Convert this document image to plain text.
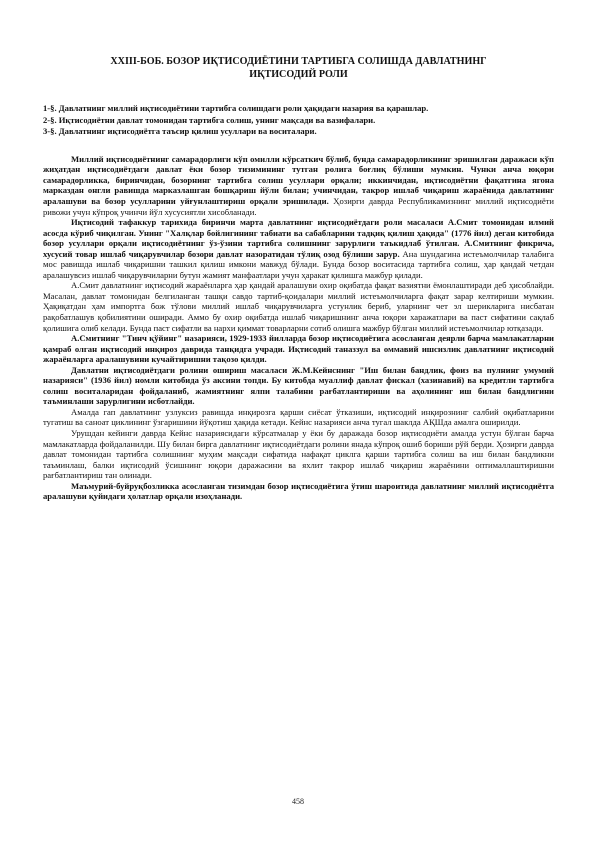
XXIII-БОБ. БОЗОР ИҚТИСОДИЁТИНИ ТАРТИБГА СОЛИШДА ДАВЛАТНИНГ
ИҚТИСОДИЙ РОЛИ
1-§. Давлатнинг миллий иқтисодиётини тартибга солишдаги роли ҳақидаги назария ва қарашлар.
2-§. Иқтисодиётни давлат томонидан тартибга солиш, унинг мақсади ва вазифалари.
3-§. Давлатнинг иқтисодиётга таъсир қилиш усуллари ва воситалари.

Миллий иқтисодиётнинг самарадорлиги кўп омилли кўрсаткич бўлиб, бунда самарадорликнинг эришилган даражаси кўп жиҳатдан иқтисодиётдаги давлат ёки бозор тизимининг тутган ролига боғлиқ бўлиши мумкин. Чунки анча юқори самарадорликка, биринчидан, бозорнинг тартибга солиш усуллари орқали; иккинчидан, иқтисодиётни фақатгина ягона марказдан онгли равишда марказлашган бошқариш йўли билан; учинчидан, такрор ишлаб чиқариш жараёнида давлатнинг аралашуви ва бозор усулларини уйғунлаштириш орқали эришилади. Ҳозирги даврда Республикамизнинг миллий иқтисодиёти ривожи учун кўпроқ учинчи йўл хусусиятли хисобланади.

Иқтисодий тафаккур тарихида биринчи марта давлатнинг иқтисодиётдаги роли масаласи А.Смит томонидан илмий асосда кўриб чиқилган. Унинг "Халқлар бойлигининг табиати ва сабабларини тадқиқ қилиш ҳақида" (1776 йил) деган китобида бозор усуллари орқали иқтисодиётнинг ўз-ўзини тартибга солишнинг зарурлиги таъкидлаб ўтилган. А.Смитнинг фикрича, хусусий товар ишлаб чиқарувчилар бозори давлат назоратидан тўлиқ озод бўлиши зарур. Ана шундагина истеъмолчилар талабига мос равишда ишлаб чиқаришни ташкил қилиш имкони мавжуд бўлади. Бунда бозор воситасида тартибга солиш, ҳар қандай четдан аралашувсиз ишлаб чиқарувчиларни бутун жамият манфаатлари учун ҳаракат қилишга мажбур қилади.

А.Смит давлатнинг иқтисодий жараёнларга ҳар қандай аралашуви охир оқибатда фақат вазиятни ёмонлаштиради деб ҳисоблайди. Масалан, давлат томонидан белгиланган ташқи савдо тартиб-қоидалари миллий истеъмолчиларга фақат зарар келтириши мумкин. Ҳақиқатдан ҳам импортга бож тўлови миллий ишлаб чиқарувчиларга устунлик бериб, уларнинг чет эл шерикларига нисбатан рақобатлашув қобилиятини оширади. Аммо бу охир оқибатда ишлаб чиқаришнинг анча юқори харажатлари ва паст сифатини сақлаб қолишига олиб келади. Бунда паст сифатли ва нархи қиммат товарларни сотиб олишга мажбур бўлган миллий истеъмолчилар ютқазади.

А.Смитнинг "Тинч қўйинг" назарияси, 1929-1933 йилларда бозор иқтисодиётига асосланган деярли барча мамлакатларни қамраб олган иқтисодий инқироз даврида танқидга учради. Иқтисодий таназзул ва оммавий ишсизлик давлатнинг иқтисодий жараёнларга аралашувини кучайтиришни тақозо қилди.

Давлатни иқтисодиётдаги ролини ошириш масаласи Ж.М.Кейнснинг "Иш билан бандлик, фоиз ва пулнинг умумий назарияси" (1936 йил) номли китобида ўз аксини топди. Бу китобда муаллиф давлат фискал (хазинавий) ва кредитли тартибга солиш воситаларидан фойдаланиб, жамиятнинг ялпи талабини рағбатлантириши ва аҳолининг иш билан бандлигини таъминлаши зарурлигини исботлайди.

Амалда гап давлатнинг узлуксиз равишда инқирозга қарши сиёсат ўтказиши, иқтисодий инқирознинг салбий оқибатларини тугатиш ва саноат циклининг ўзгаришини йўқотиш ҳақида кетади. Кейнс назарияси анча тугал шаклда АҚШда амалга оширилди.

Урушдан кейинги даврда Кейнс назариясидаги кўрсатмалар у ёки бу даражада бозор иқтисодиёти амалда устун бўлган барча мамлакатларда фойдаланилди. Шу билан бирга давлатнинг иқтисодиётдаги ролини янада кўпроқ ошиб бориши рўй берди. Ҳозирги даврда давлат томонидан тартибга солишнинг муҳим мақсади сифатида нафақат циклга қарши тартибга солиш ва иш билан бандликни таъминлаш, балки иқтисодий ўсишнинг юқори даражасини ва яхлит такрор ишлаб чиқариш жараёнини оптималлаштиришни рағбатлантириш тан олинади.

Маъмурий-буйруқбозликка асосланган тизимдан бозор иқтисодиётига ўтиш шароитида давлатнинг миллий иқтисодиётга аралашуви қуйидаги ҳолатлар орқали изоҳланади.

458
